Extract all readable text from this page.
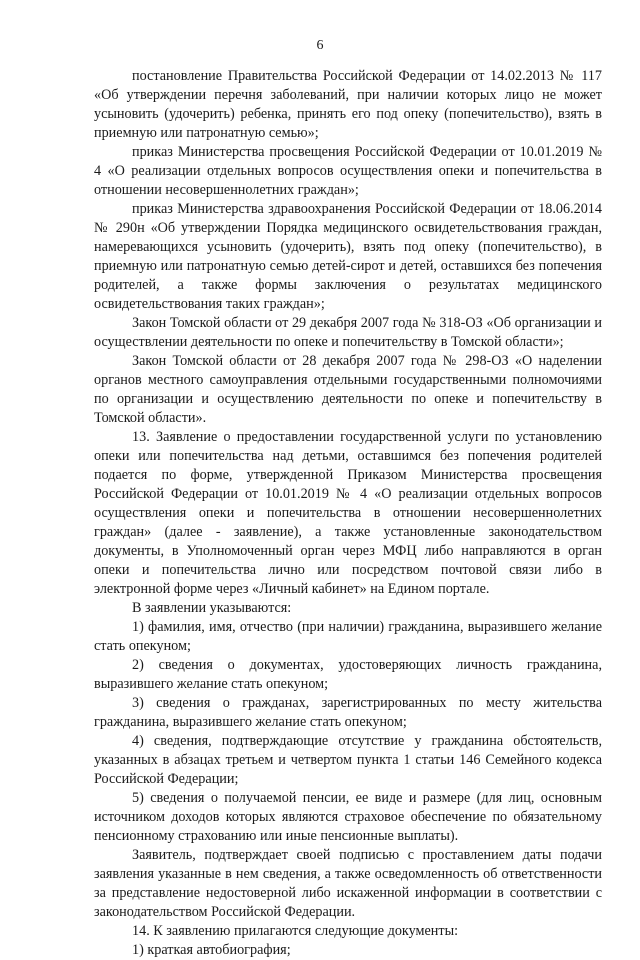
6

постановление Правительства Российской Федерации от 14.02.2013 № 117 «Об утверждении перечня заболеваний, при наличии которых лицо не может усыновить (удочерить) ребенка, принять его под опеку (попечительство), взять в приемную или патронатную семью»;

приказ Министерства просвещения Российской Федерации от 10.01.2019 № 4 «О реализации отдельных вопросов осуществления опеки и попечительства в отношении несовершеннолетних граждан»;

приказ Министерства здравоохранения Российской Федерации от 18.06.2014 № 290н «Об утверждении Порядка медицинского освидетельствования граждан, намеревающихся усыновить (удочерить), взять под опеку (попечительство), в приемную или патронатную семью детей-сирот и детей, оставшихся без попечения родителей, а также формы заключения о результатах медицинского освидетельствования таких граждан»;

Закон Томской области от 29 декабря 2007 года № 318-ОЗ «Об организации и осуществлении деятельности по опеке и попечительству в Томской области»;

Закон Томской области от 28 декабря 2007 года № 298-ОЗ «О наделении органов местного самоуправления отдельными государственными полномочиями по организации и осуществлению деятельности по опеке и попечительству в Томской области».

13. Заявление о предоставлении государственной услуги по установлению опеки или попечительства над детьми, оставшимся без попечения родителей подается по форме, утвержденной Приказом Министерства просвещения Российской Федерации от 10.01.2019 № 4 «О реализации отдельных вопросов осуществления опеки и попечительства в отношении несовершеннолетних граждан» (далее - заявление), а также установленные законодательством документы, в Уполномоченный орган через МФЦ либо направляются в орган опеки и попечительства лично или посредством почтовой связи либо в электронной форме через «Личный кабинет» на Едином портале.

В заявлении указываются:

1) фамилия, имя, отчество (при наличии) гражданина, выразившего желание стать опекуном;

2) сведения о документах, удостоверяющих личность гражданина, выразившего желание стать опекуном;

3) сведения о гражданах, зарегистрированных по месту жительства гражданина, выразившего желание стать опекуном;

4) сведения, подтверждающие отсутствие у гражданина обстоятельств, указанных в абзацах третьем и четвертом пункта 1 статьи 146 Семейного кодекса Российской Федерации;

5) сведения о получаемой пенсии, ее виде и размере (для лиц, основным источником доходов которых являются страховое обеспечение по обязательному пенсионному страхованию или иные пенсионные выплаты).

Заявитель, подтверждает своей подписью с проставлением даты подачи заявления указанные в нем сведения, а также осведомленность об ответственности за представление недостоверной либо искаженной информации в соответствии с законодательством Российской Федерации.

14. К заявлению прилагаются следующие документы:

1) краткая автобиография;
